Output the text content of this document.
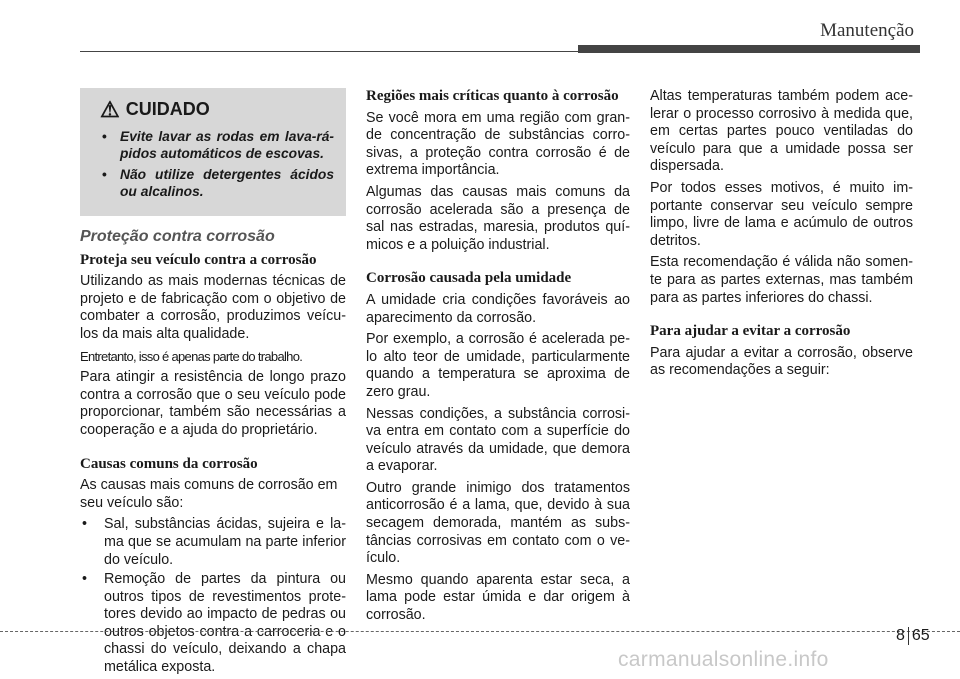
Manutenção
⚠ CUIDADO
• Evite lavar as rodas em lava-rá-pidos automáticos de escovas.
• Não utilize detergentes ácidos ou alcalinos.
Proteção contra corrosão
Proteja seu veículo contra a corrosão

Utilizando as mais modernas técnicas de projeto e de fabricação com o objetivo de combater a corrosão, produzimos veícu-los da mais alta qualidade.

Entretanto, isso é apenas parte do trabalho.

Para atingir a resistência de longo prazo contra a corrosão que o seu veículo pode proporcionar, também são necessárias a cooperação e a ajuda do proprietário.

Causas comuns da corrosão

As causas mais comuns de corrosão em seu veículo são:

• Sal, substâncias ácidas, sujeira e la-ma que se acumulam na parte inferior do veículo.
• Remoção de partes da pintura ou outros tipos de revestimentos prote-tores devido ao impacto de pedras ou outros objetos contra a carroceria e o chassi do veículo, deixando a chapa metálica exposta.
Regiões mais críticas quanto à corrosão

Se você mora em uma região com gran-de concentração de substâncias corro-sivas, a proteção contra corrosão é de extrema importância.

Algumas das causas mais comuns da corrosão acelerada são a presença de sal nas estradas, maresia, produtos quí-micos e a poluição industrial.

Corrosão causada pela umidade

A umidade cria condições favoráveis ao aparecimento da corrosão.

Por exemplo, a corrosão é acelerada pe-lo alto teor de umidade, particularmente quando a temperatura se aproxima de zero grau.

Nessas condições, a substância corrosi-va entra em contato com a superfície do veículo através da umidade, que demora a evaporar.

Outro grande inimigo dos tratamentos anticorrosão é a lama, que, devido à sua secagem demorada, mantém as subs-tâncias corrosivas em contato com o ve-ículo.

Mesmo quando aparenta estar seca, a lama pode estar úmida e dar origem à corrosão.

Altas temperaturas também podem ace-lerar o processo corrosivo à medida que, em certas partes pouco ventiladas do veículo para que a umidade possa ser dispersada.

Por todos esses motivos, é muito im-portante conservar seu veículo sempre limpo, livre de lama e acúmulo de outros detritos.

Esta recomendação é válida não somen-te para as partes externas, mas também para as partes inferiores do chassi.

Para ajudar a evitar a corrosão

Para ajudar a evitar a corrosão, observe as recomendações a seguir:

8 65
carmanualsonline.info
